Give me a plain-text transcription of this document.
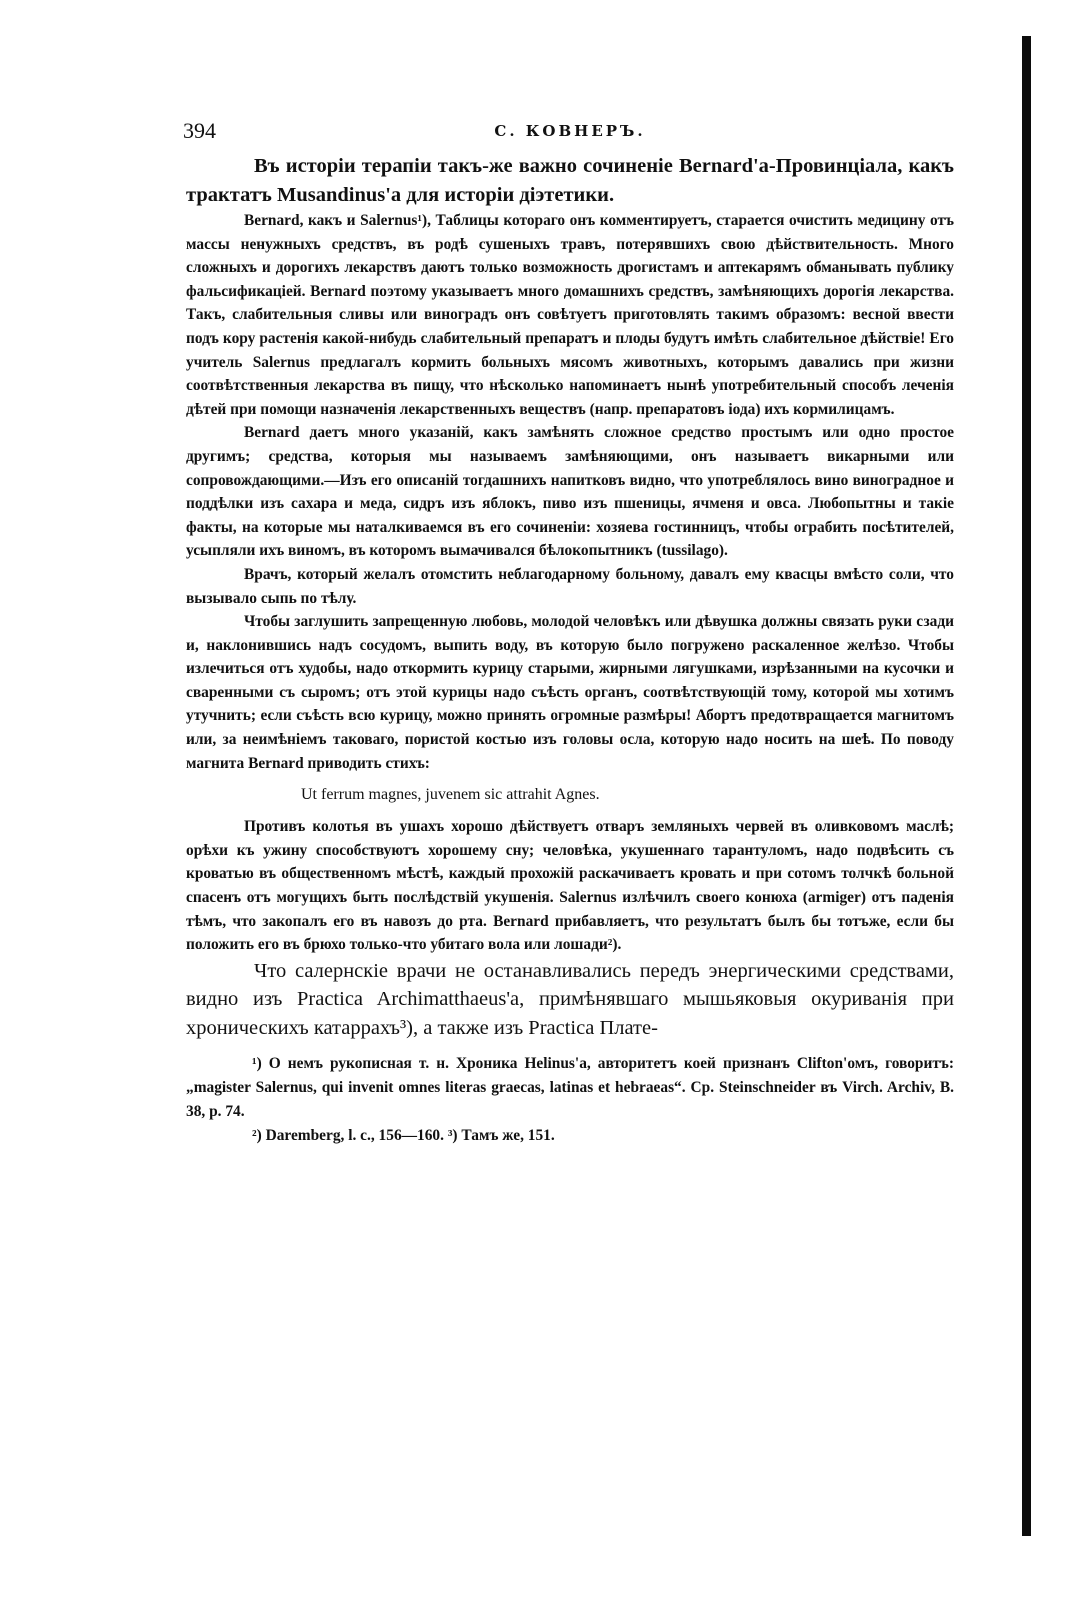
394	С. КОВНЕРЪ.

Въ исторіи терапіи такъ-же важно сочиненіе Bernard'а-Провинціала, какъ трактатъ Musandinus'а для исторіи діэтетики.

Bernard, какъ и Salernus¹), Таблицы котораго онъ комментируетъ, старается очистить медицину отъ массы ненужныхъ средствъ, въ родѣ сушеныхъ травъ, потерявшихъ свою дѣйствительность. Много сложныхъ и дорогихъ лекарствъ даютъ только возможность дрогистамъ и аптекарямъ обманывать публику фальсификаціей. Bernard поэтому указываетъ много домашнихъ средствъ, замѣняющихъ дорогія лекарства. Такъ, слабительныя сливы или виноградъ онъ совѣтуетъ приготовлять такимъ образомъ: весной ввести подъ кору растенія какой-нибудь слабительный препаратъ и плоды будутъ имѣть слабительное дѣйствіе! Его учитель Salernus предлагалъ кормить больныхъ мясомъ животныхъ, которымъ давались при жизни соотвѣтственныя лекарства въ пищу, что нѣсколько напоминаетъ нынѣ употребительный способъ леченія дѣтей при помощи назначенія лекарственныхъ веществъ (напр. препаратовъ іода) ихъ кормилицамъ.

Bernard даетъ много указаній, какъ замѣнять сложное средство простымъ или одно простое другимъ; средства, которыя мы называемъ замѣняющими, онъ называетъ викарными или сопровождающими.—Изъ его описаній тогдашнихъ напитковъ видно, что употреблялось вино виноградное и поддѣлки изъ сахара и меда, сидръ изъ яблокъ, пиво изъ пшеницы, ячменя и овса. Любопытны и такіе факты, на которые мы наталкиваемся въ его сочиненіи: хозяева гостинницъ, чтобы ограбить посѣтителей, усыпляли ихъ виномъ, въ которомъ вымачивался бѣлокопытникъ (tussilago).

Врачъ, который желалъ отомстить неблагодарному больному, давалъ ему квасцы вмѣсто соли, что вызывало сыпь по тѣлу.

Чтобы заглушить запрещенную любовь, молодой человѣкъ или дѣвушка должны связать руки сзади и, наклонившись надъ сосудомъ, выпить воду, въ которую было погружено раскаленное желѣзо. Чтобы излечиться отъ худобы, надо откормить курицу старыми, жирными лягушками, изрѣзанными на кусочки и сваренными съ сыромъ; отъ этой курицы надо съѣсть органъ, соотвѣтствующій тому, которой мы хотимъ утучнить; если съѣсть всю курицу, можно принять огромные размѣры! Абортъ предотвращается магнитомъ или, за неимѣніемъ таковаго, пористой костью изъ головы осла, которую надо носить на шеѣ. По поводу магнита Bernard приводить стихъ:

Ut ferrum magnes, juvenem sic attrahit Agnes.

Противъ колотья въ ушахъ хорошо дѣйствуетъ отваръ земляныхъ червей въ оливковомъ маслѣ; орѣхи къ ужину способствуютъ хорошему сну; человѣка, укушеннаго тарантуломъ, надо подвѣсить съ кроватью въ общественномъ мѣстѣ, каждый прохожій раскачиваетъ кровать и при сотомъ толчкѣ больной спасенъ отъ могущихъ быть послѣдствій укушенія. Salernus излѣчилъ своего конюха (armiger) отъ паденія тѣмъ, что закопалъ его въ навозъ до рта. Bernard прибавляетъ, что результатъ былъ бы тотъже, если бы положить его въ брюхо только-что убитаго вола или лошади²).

Что салернскіе врачи не останавливались передъ энергическими средствами, видно изъ Practica Archimatthaeus'а, примѣнявшаго мышьяковыя окуриванія при хроническихъ катаррахъ³), а также изъ Practica Плате-

¹) О немъ рукописная т. н. Хроника Helinus'а, авторитетъ коей признанъ Clifton'омъ, говоритъ: „magister Salernus, qui invenit omnes literas graecas, latinas et hebraeas“. Ср. Steinschneider въ Virch. Archiv, B. 38, p. 74.

²) Daremberg, l. c., 156—160. ³) Тамъ же, 151.
